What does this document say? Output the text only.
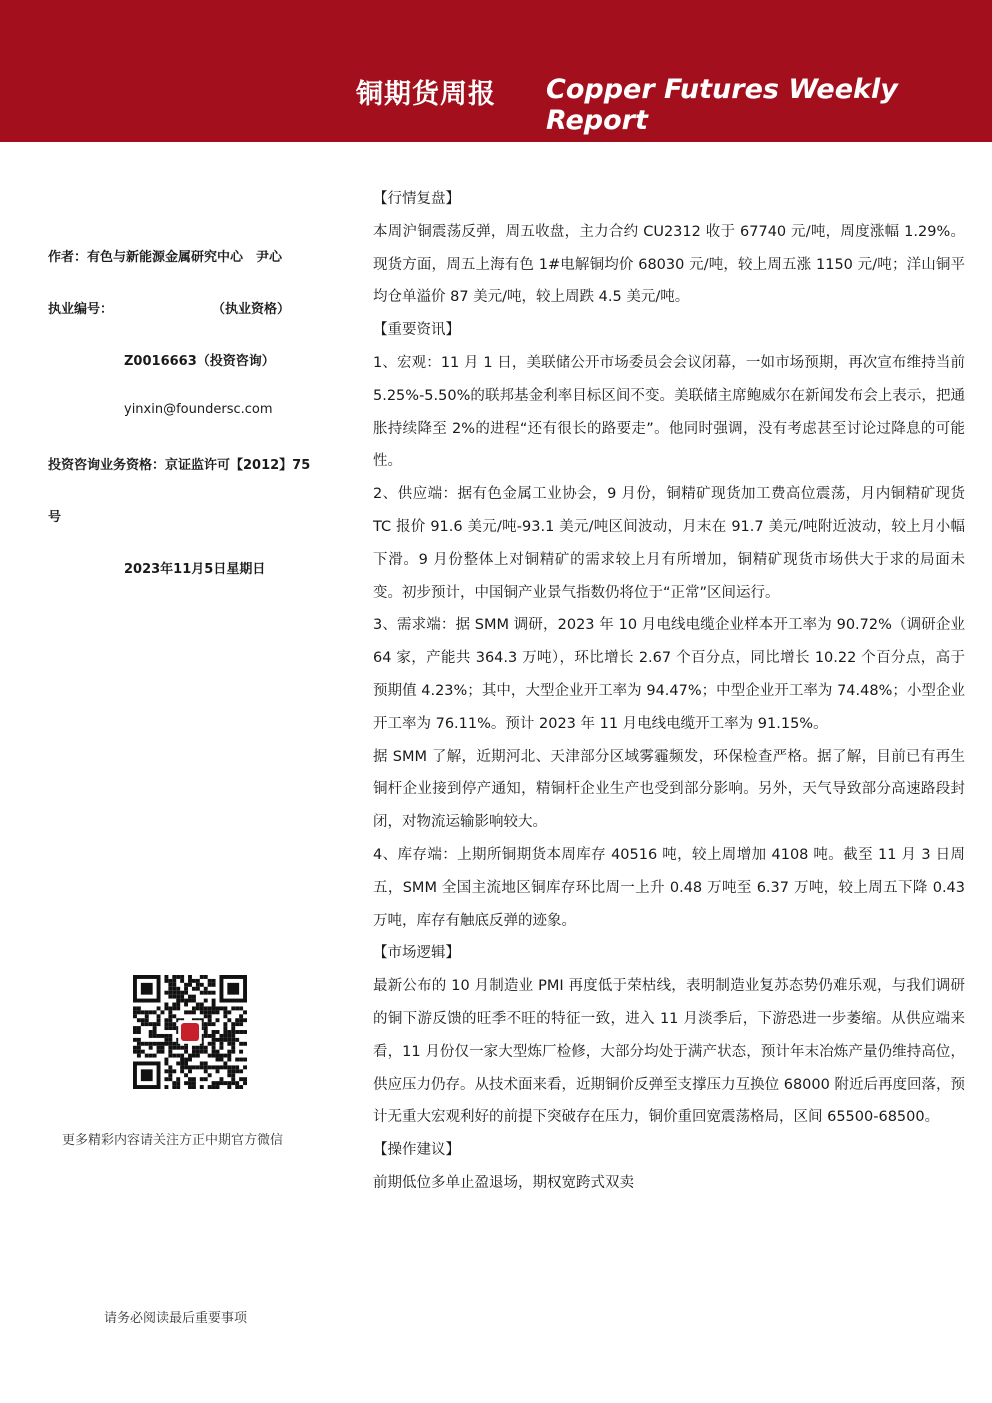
铜期货周报 Copper Futures Weekly Report
作者：有色与新能源金属研究中心　尹心
执业编号：	（执业资格）
Z0016663（投资咨询）
yinxin@foundersc.com
投资咨询业务资格：京证监许可【2012】75
号
2023年11月5日星期日
更多精彩内容请关注方正中期官方微信
请务必阅读最后重要事项

【行情复盘】

本周沪铜震荡反弹，周五收盘，主力合约 CU2312 收于 67740 元/吨，周度涨幅 1.29%。现货方面，周五上海有色 1#电解铜均价 68030 元/吨，较上周五涨 1150 元/吨；洋山铜平均仓单溢价 87 美元/吨，较上周跌 4.5 美元/吨。

【重要资讯】

1、宏观：11 月 1 日，美联储公开市场委员会会议闭幕，一如市场预期，再次宣布维持当前 5.25%-5.50%的联邦基金利率目标区间不变。美联储主席鲍威尔在新闻发布会上表示，把通胀持续降至 2%的进程“还有很长的路要走”。他同时强调，没有考虑甚至讨论过降息的可能性。

2、供应端：据有色金属工业协会，9 月份，铜精矿现货加工费高位震荡，月内铜精矿现货 TC 报价 91.6 美元/吨-93.1 美元/吨区间波动，月末在 91.7 美元/吨附近波动，较上月小幅下滑。9 月份整体上对铜精矿的需求较上月有所增加，铜精矿现货市场供大于求的局面未变。初步预计，中国铜产业景气指数仍将位于“正常”区间运行。

3、需求端：据 SMM 调研，2023 年 10 月电线电缆企业样本开工率为 90.72%（调研企业 64 家，产能共 364.3 万吨），环比增长 2.67 个百分点，同比增长 10.22 个百分点，高于预期值 4.23%；其中，大型企业开工率为 94.47%；中型企业开工率为 74.48%；小型企业开工率为 76.11%。预计 2023 年 11 月电线电缆开工率为 91.15%。

据 SMM 了解，近期河北、天津部分区域雾霾频发，环保检查严格。据了解，目前已有再生铜杆企业接到停产通知，精铜杆企业生产也受到部分影响。另外，天气导致部分高速路段封闭，对物流运输影响较大。

4、库存端：上期所铜期货本周库存 40516 吨，较上周增加 4108 吨。截至 11 月 3 日周五，SMM 全国主流地区铜库存环比周一上升 0.48 万吨至 6.37 万吨，较上周五下降 0.43 万吨，库存有触底反弹的迹象。

【市场逻辑】

最新公布的 10 月制造业 PMI 再度低于荣枯线，表明制造业复苏态势仍难乐观，与我们调研的铜下游反馈的旺季不旺的特征一致，进入 11 月淡季后，下游恐进一步萎缩。从供应端来看，11 月份仅一家大型炼厂检修，大部分均处于满产状态，预计年末冶炼产量仍维持高位，供应压力仍存。从技术面来看，近期铜价反弹至支撑压力互换位 68000 附近后再度回落，预计无重大宏观利好的前提下突破存在压力，铜价重回宽震荡格局，区间 65500-68500。

【操作建议】

前期低位多单止盈退场，期权宽跨式双卖
